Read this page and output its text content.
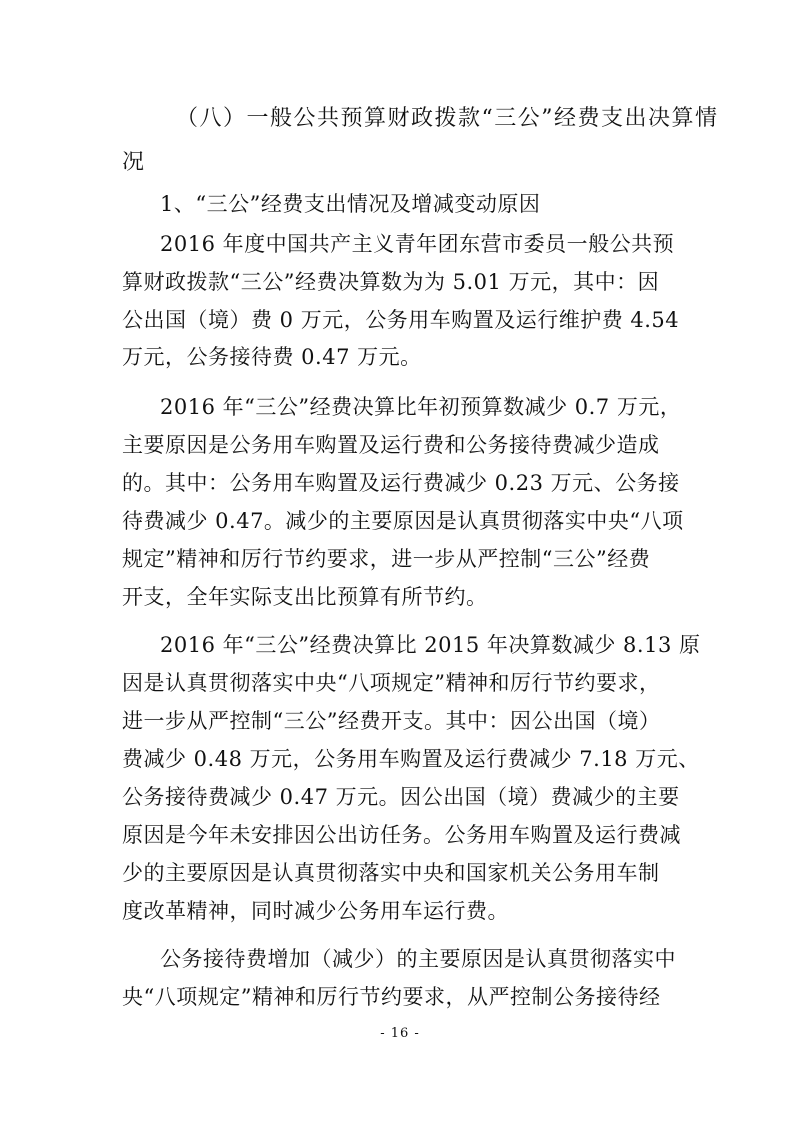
（八）一般公共预算财政拨款“三公”经费支出决算情
况
1、“三公”经费支出情况及增减变动原因
2016 年度中国共产主义青年团东营市委员一般公共预
算财政拨款“三公”经费决算数为为 5.01 万元，其中：因
公出国（境）费 0 万元，公务用车购置及运行维护费 4.54
万元，公务接待费 0.47 万元。
2016 年“三公”经费决算比年初预算数减少 0.7 万元，
主要原因是公务用车购置及运行费和公务接待费减少造成
的。其中：公务用车购置及运行费减少 0.23 万元、公务接
待费减少 0.47。减少的主要原因是认真贯彻落实中央“八项
规定”精神和厉行节约要求，进一步从严控制“三公”经费
开支，全年实际支出比预算有所节约。
2016 年“三公”经费决算比 2015 年决算数减少 8.13 原
因是认真贯彻落实中央“八项规定”精神和厉行节约要求，
进一步从严控制“三公”经费开支。其中：因公出国（境）
费减少 0.48 万元，公务用车购置及运行费减少 7.18 万元、
公务接待费减少 0.47 万元。因公出国（境）费减少的主要
原因是今年未安排因公出访任务。公务用车购置及运行费减
少的主要原因是认真贯彻落实中央和国家机关公务用车制
度改革精神，同时减少公务用车运行费。
公务接待费增加（减少）的主要原因是认真贯彻落实中
央“八项规定”精神和厉行节约要求，从严控制公务接待经
- 16 -
